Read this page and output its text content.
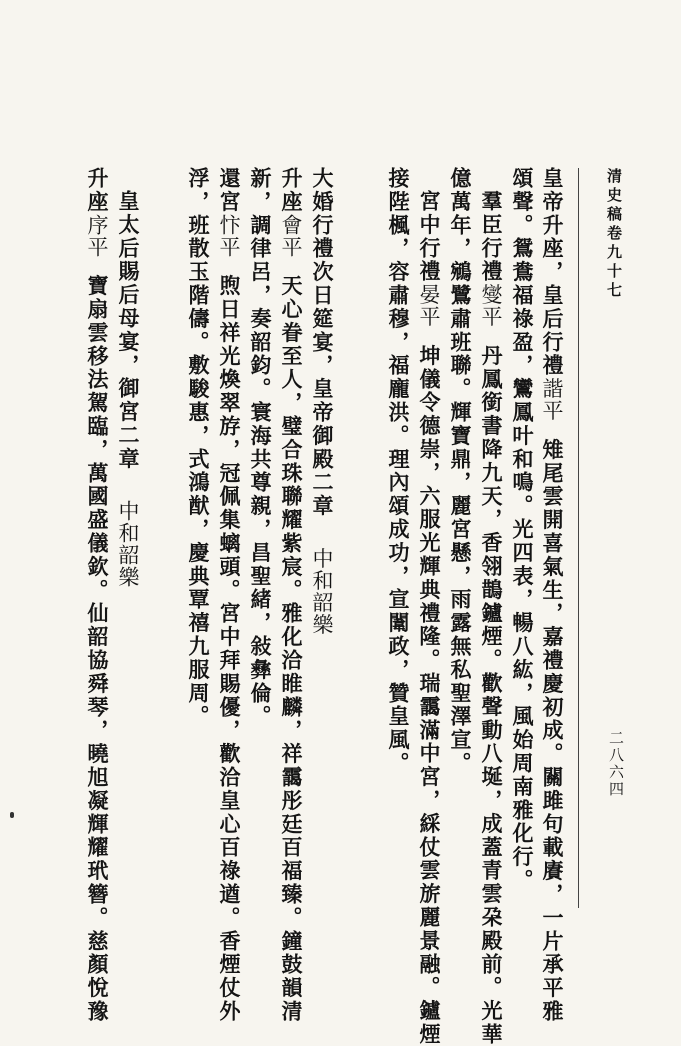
清史稿卷九十七
二八六四
皇帝升座，皇后行禮諧平雉尾雲開喜氣生，嘉禮慶初成。關雎句載賡，一片承平雅
頌聲。鴛鴦福祿盈，鸞鳳叶和鳴。光四表，暢八紘，風始周南雅化行。
羣臣行禮燮平丹鳳銜書降九天，香翎鵲鑪煙。歡聲動八埏，成蓋青雲朶殿前。光華
億萬年，鵷鷺肅班聯。輝寶鼎，麗宮懸，雨露無私聖澤宣。
宮中行禮晏平坤儀令德崇，六服光輝典禮隆。瑞靄滿中宮，綵仗雲旂麗景融。鑪煙
接陛楓，容肅穆，福龐洪。理內頌成功，宣闈政，贊皇風。
大婚行禮次日筵宴，皇帝御殿二章中和韶樂
升座會平天心眷至人，璧合珠聯耀紫宸。雅化洽睢麟，祥靄彤廷百福臻。鐘鼓韻清
新，調律呂，奏韶鈞。寰海共尊親，昌聖緒，敍彝倫。
還宮忭平煦日祥光煥翠斿，冠佩集螭頭。宮中拜賜優，歡洽皇心百祿遒。香煙仗外
浮，班散玉階儔。敷駿惠，式鴻猷，慶典覃禧九服周。
皇太后賜后母宴，御宮二章中和韶樂
升座序平寶扇雲移法駕臨，萬國盛儀欽。仙韶協舜琴，曉旭凝輝耀玳簪。慈顏悅豫
